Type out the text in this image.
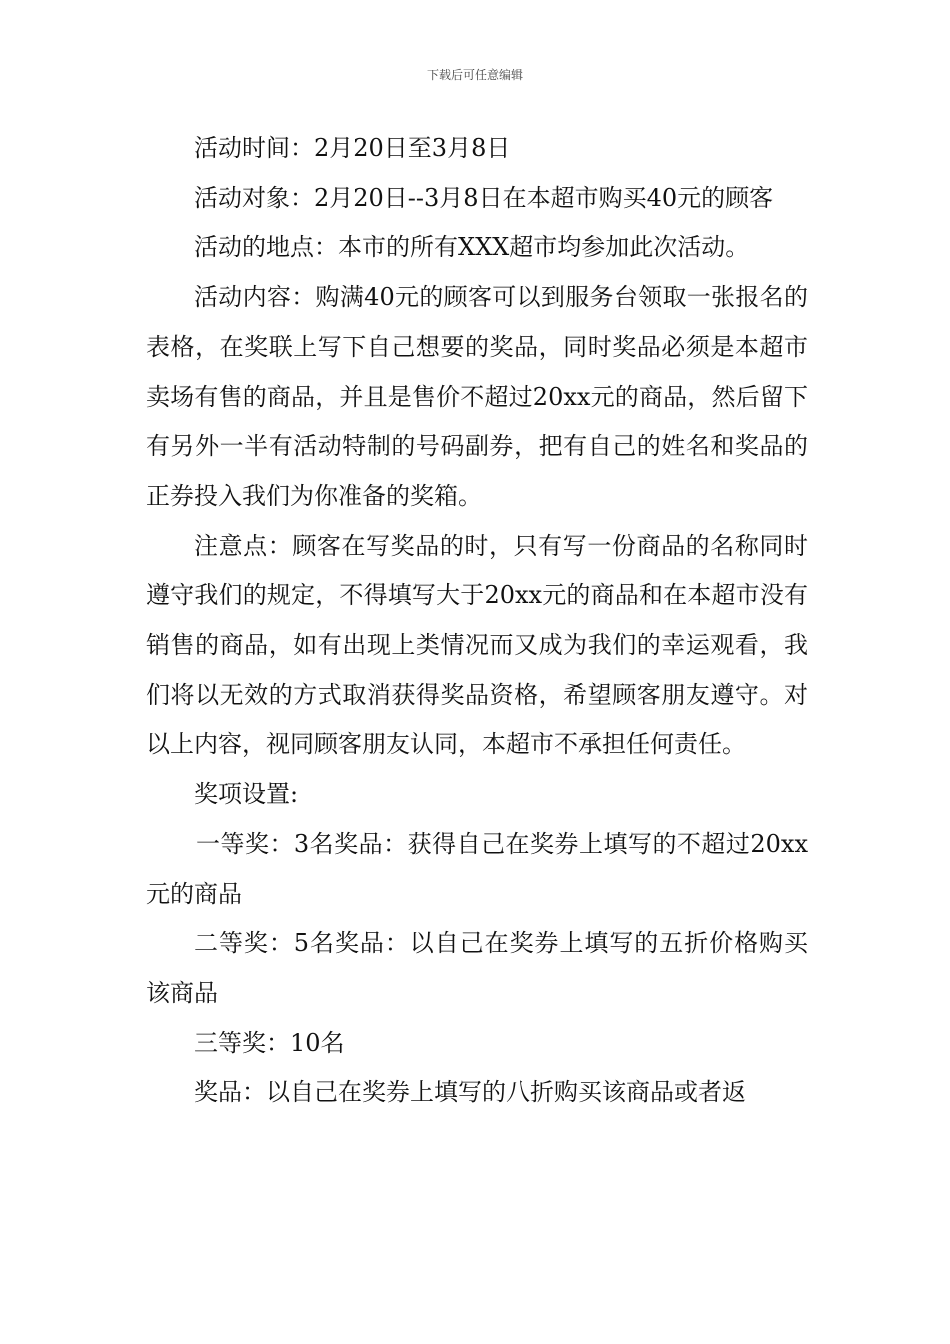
下载后可任意编辑

活动时间：2月20日至3月8日

活动对象：2月20日--3月8日在本超市购买40元的顾客

活动的地点：本市的所有XXX超市均参加此次活动。

活动内容：购满40元的顾客可以到服务台领取一张报名的表格，在奖联上写下自己想要的奖品，同时奖品必须是本超市卖场有售的商品，并且是售价不超过20xx元的商品，然后留下有另外一半有活动特制的号码副券，把有自己的姓名和奖品的正券投入我们为你准备的奖箱。

注意点：顾客在写奖品的时，只有写一份商品的名称同时遵守我们的规定，不得填写大于20xx元的商品和在本超市没有销售的商品，如有出现上类情况而又成为我们的幸运观看，我们将以无效的方式取消获得奖品资格，希望顾客朋友遵守。对以上内容，视同顾客朋友认同，本超市不承担任何责任。

奖项设置:

一等奖：3名奖品：获得自己在奖券上填写的不超过20xx元的商品

二等奖：5名奖品：以自己在奖券上填写的五折价格购买该商品

三等奖：10名

奖品：以自己在奖券上填写的八折购买该商品或者返
